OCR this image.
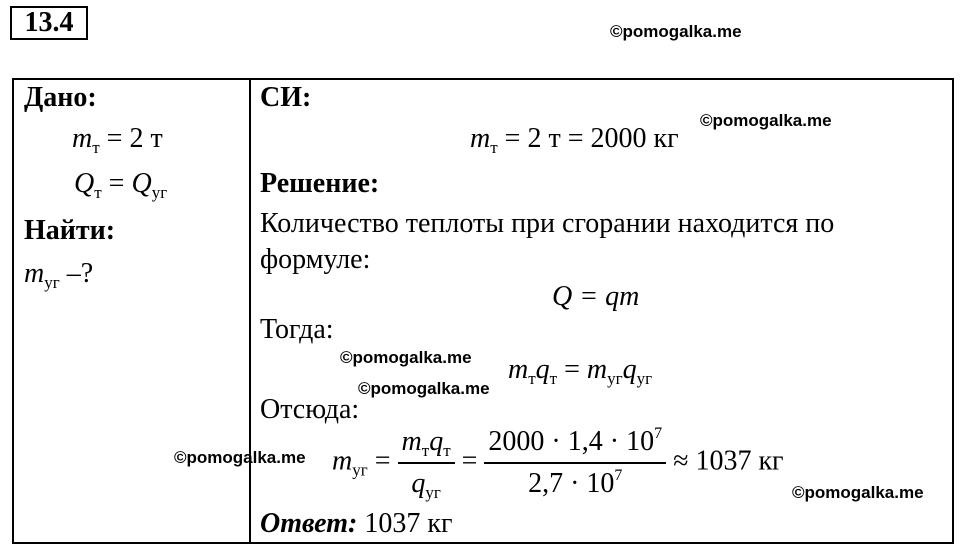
13.4	©pomogalka.me
Дано:
$m_т = 2$ т
$Q_т = Q_{уг}$
Найти:
$m_{уг}$ –?
СИ:
©pomogalka.me
$m_т = 2$ т = 2000 кг
Решение:
Количество теплоты при сгорании находится по
формуле:
Q = qm
Тогда:
©pomogalka.me $m_тq_т = m_{уг}q_{уг}$
©pomogalka.me
Отсюда:
©pomogalka.me $m_{уг} = \frac{m_тq_т}{q_{уг}} = \frac{2000 \cdot 1,4 \cdot 10^7}{2,7 \cdot 10^7} \approx 1037$ кг
©pomogalka.me
Ответ: 1037 кг
